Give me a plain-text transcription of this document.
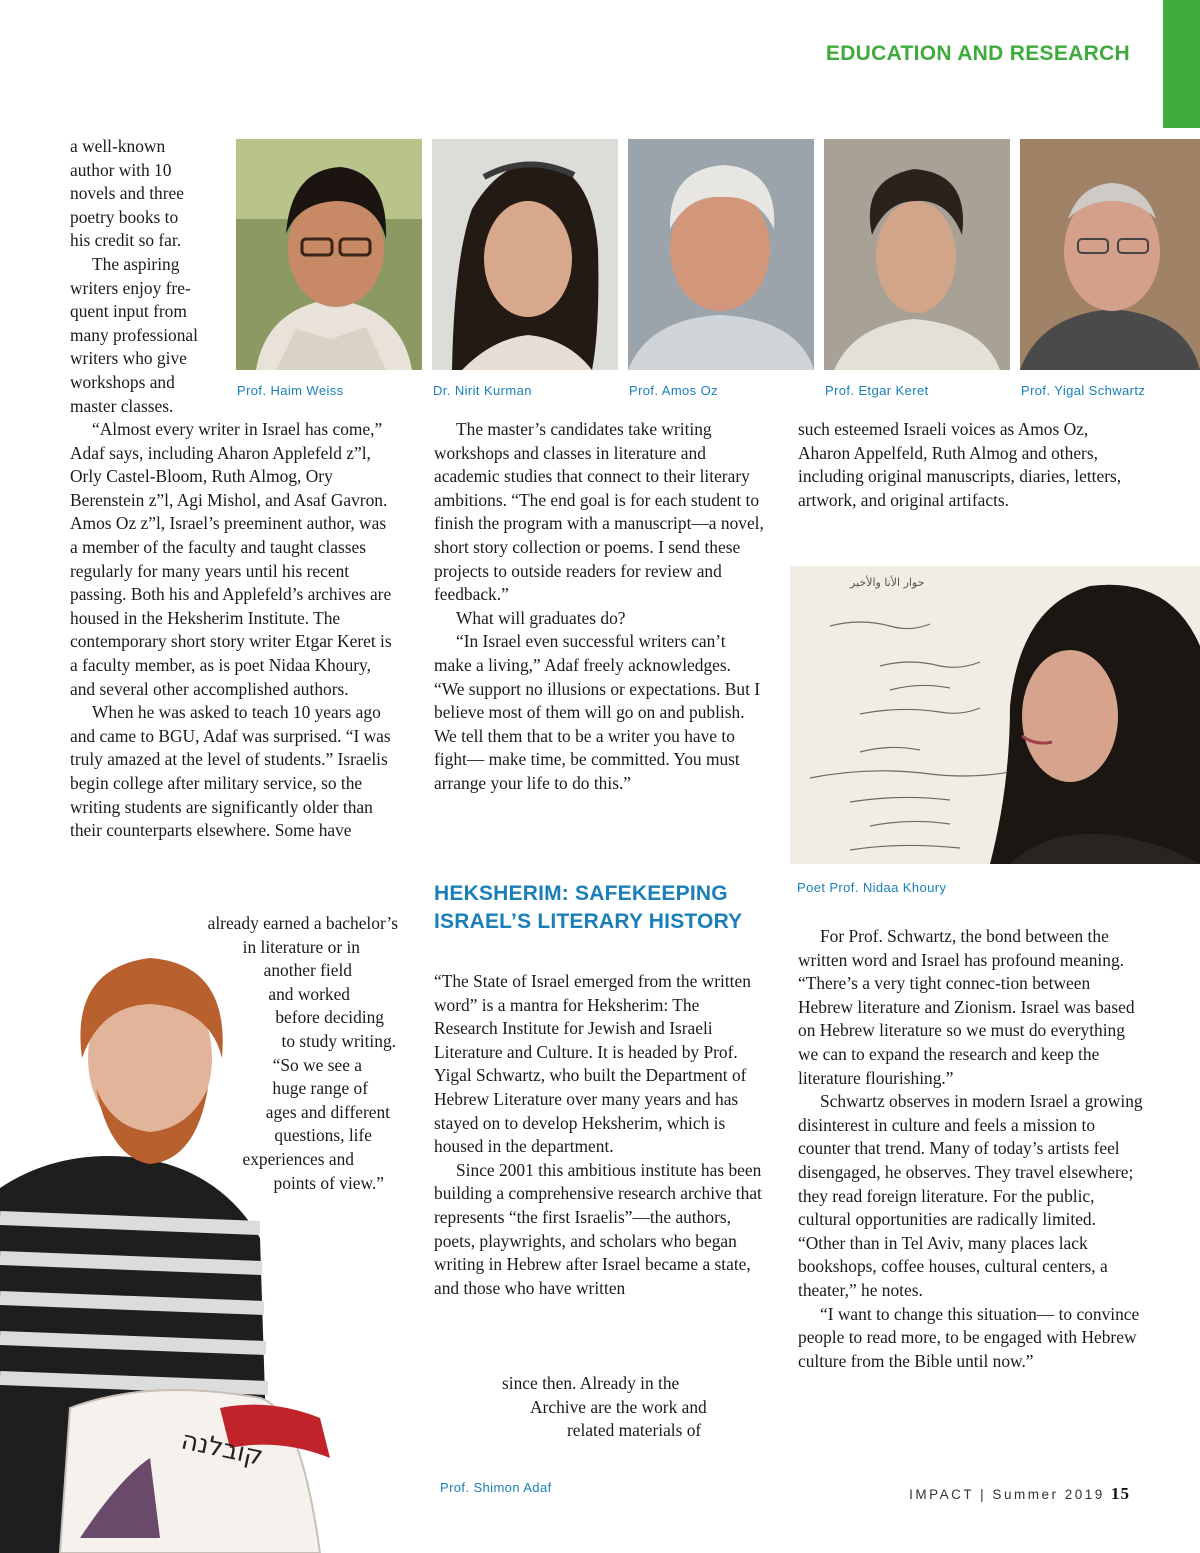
EDUCATION AND RESEARCH
Prof. Haim Weiss	Dr. Nirit Kurman	Prof. Amos Oz	Prof. Etgar Keret	Prof. Yigal Schwartz
حوار الأنا والأخير
Poet Prof. Nidaa Khoury
קובלנה
Prof. Shimon Adaf
a well-known
author with 10
novels and three
poetry books to
his credit so far.
The aspiring
writers enjoy fre-
quent input from
many professional
writers who give
workshops and
master classes.

“Almost every writer in Israel has come,” Adaf says, including Aharon Applefeld z”l, Orly Castel-Bloom, Ruth Almog, Ory Berenstein z”l, Agi Mishol, and Asaf Gavron. Amos Oz z”l, Israel’s preeminent author, was a member of the faculty and taught classes regularly for many years until his recent passing. Both his and Applefeld’s archives are housed in the Heksherim Institute. The contemporary short story writer Etgar Keret is a faculty member, as is poet Nidaa Khoury, and several other accomplished authors.

When he was asked to teach 10 years ago and came to BGU, Adaf was surprised. “I was truly amazed at the level of students.” Israelis begin college after military service, so the writing students are significantly older than their counterparts elsewhere. Some have

already earned a bachelor’s
in literature or in
another field
and worked
before deciding
to study writing.
“So we see a
huge range of
ages and different
questions, life
experiences and
points of view.”

The master’s candidates take writing workshops and classes in literature and academic studies that connect to their literary ambitions. “The end goal is for each student to finish the program with a manuscript—a novel, short story collection or poems. I send these projects to outside readers for review and feedback.”

What will graduates do?

“In Israel even successful writers can’t make a living,” Adaf freely acknowledges. “We support no illusions or expectations. But I believe most of them will go on and publish. We tell them that to be a writer you have to fight— make time, be committed. You must arrange your life to do this.”

HEKSHERIM: SAFEKEEPING ISRAEL’S LITERARY HISTORY

“The State of Israel emerged from the written word” is a mantra for Heksherim: The Research Institute for Jewish and Israeli Literature and Culture. It is headed by Prof. Yigal Schwartz, who built the Department of Hebrew Literature over many years and has stayed on to develop Heksherim, which is housed in the department.

Since 2001 this ambitious institute has been building a comprehensive research archive that represents “the first Israelis”—the authors, poets, playwrights, and scholars who began writing in Hebrew after Israel became a state, and those who have written

since then. Already in the
Archive are the work and
related materials of

such esteemed Israeli voices as Amos Oz, Aharon Appelfeld, Ruth Almog and others, including original manuscripts, diaries, letters, artwork, and original artifacts.

For Prof. Schwartz, the bond between the written word and Israel has profound meaning. “There’s a very tight connec-tion between Hebrew literature and Zionism. Israel was based on Hebrew literature so we must do everything we can to expand the research and keep the literature flourishing.”

Schwartz observes in modern Israel a growing disinterest in culture and feels a mission to counter that trend. Many of today’s artists feel disengaged, he observes. They travel elsewhere; they read foreign literature. For the public, cultural opportunities are radically limited. “Other than in Tel Aviv, many places lack bookshops, coffee houses, cultural centers, a theater,” he notes.

“I want to change this situation— to convince people to read more, to be engaged with Hebrew culture from the Bible until now.”

IMPACT | Summer 2019 15
